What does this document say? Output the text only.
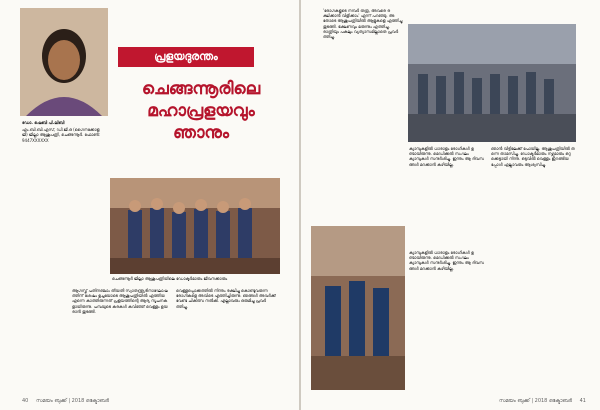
ഡോ. ഷെബി പി.ലിബി
എം.ബി.ബി.എസ്, ഡി.ജി.ഒ (ഗൈനക്കോളജി) ജില്ലാ ആശുപത്രി, ചെങ്ങന്നൂർ. ഫോൺ: 9447XXXXXX
പ്രളയദുരന്തം
ചെങ്ങന്നൂരിലെ
മഹാപ്രളയവും
ഞാനും
ചെങ്ങന്നൂർ ജില്ലാ ആശുപത്രിയിലെ ഡോക്ടർമാരും ജീവനക്കാരും
ആഗസ്ത് പതിനഞ്ചാം തീയതി സ്വാതന്ത്ര്യദിനാഘോഷത്തിന് ശേഷം ഉച്ചയോടെ ആശുപത്രിയിൽ എത്തിയ എന്നെ കാത്തിരുന്നത് പ്രളയത്തിന്റെ ആദ്യ സൂചനകളായിരുന്നു. പമ്പയുടെ കരകൾ കവിഞ്ഞ് വെള്ളം ഉയരാൻ തുടങ്ങി.
വെള്ളപ്പൊക്കത്തിൽ നിന്നും രക്ഷിച്ചു കൊണ്ടുവരുന്ന രോഗികളെ അവിടെ എത്തിച്ചിരുന്നു. ഞങ്ങൾ അവർക്ക് വേണ്ട ചികിത്സ നൽകി. എല്ലാവരും ഒരുമിച്ചു പ്രവർത്തിച്ചു.
40 സമയം ബുക്ക് | 2018 ഒക്ടോബർ
'രോഗകളുടെ നമ്പർ തരൂ, അവരെ രക്ഷിക്കാൻ വിളിക്കാം' എന്ന് പറഞ്ഞു. അതോടെ ആശുപത്രിയിൽ ആളുകളെ എത്തിച്ചു തുടങ്ങി. ഭക്ഷണവും മരുന്നും എത്തിച്ചു. രാത്രിയും പകലും വ്യത്യാസമില്ലാതെ പ്രവർത്തിച്ചു.
ക്യാമ്പുകളിൽ ധാരാളം രോഗികൾ ഉണ്ടായിരുന്നു. മെഡിക്കൽ സംഘം ക്യാമ്പുകൾ സന്ദർശിച്ചു. ഇന്നും ആ ദിവസങ്ങൾ മറക്കാൻ കഴിയില്ല.
ഞാൻ വീട്ടിലേക്ക് പോയില്ല. ആശുപത്രിയിൽ തന്നെ താമസിച്ചു. ഡോക്ടർമാരും നഴ്സുമാരും ഒറ്റക്കെട്ടായി നിന്നു. ഒടുവിൽ വെള്ളം ഇറങ്ങിയപ്പോൾ എല്ലാവരും ആശ്വസിച്ചു.
ക്യാമ്പുകളിൽ ധാരാളം രോഗികൾ ഉണ്ടായിരുന്നു. മെഡിക്കൽ സംഘം ക്യാമ്പുകൾ സന്ദർശിച്ചു. ഇന്നും ആ ദിവസങ്ങൾ മറക്കാൻ കഴിയില്ല.
സമയം ബുക്ക് | 2018 ഒക്ടോബർ 41
